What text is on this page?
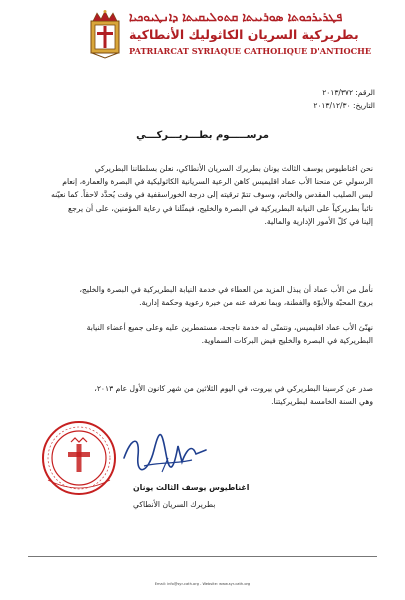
ܦܛܪܝܪܟܘܬܐ ܣܘܪܝܝܬܐ ܩܬܘܠܝܩܝܬܐ ܕܐܢܛܝܘܟܝܐ
بطريركية السريان الكاثوليك الأنطاكية
PATRIARCAT SYRIAQUE CATHOLIQUE D'ANTIOCHE
الرقم: ٢٠١٣/٣٧٢
التاريخ: ٢٠١٣/١٢/٣٠
مرســـــوم بطـــريـــركـــي
نحن اغناطيوس يوسف الثالث يونان بطريرك السريان الأنطاكي، نعلن بسلطاننا البطريركي
الرسولي عن منحنا الأب عماد اقليميس كاهن الرعية السريانية الكاثوليكية في البصرة والعمارة، إنعام
لبس الصليب المقدس والخاتم، وسوف تتمّ ترقيته إلى درجة الخوراسقفية في وقت يُحدَّد لاحقاً. كما نعيّنه
نائباً بطريركياً على النيابة البطريركية في البصرة والخليج، فيمثّلنا في رعاية المؤمنين، على أن يرجع
إلينا في كلّ الأمور الإدارية والمالية.
نأمل من الأب عماد أن يبذل المزيد من العطاء في خدمة النيابة البطريركية في البصرة والخليج،
بروح المحبّة والأبوّة والفطنة، وبما نعرفه عنه من خبرة رعوية وحكمة إدارية.
نهنّئ الأب عماد اقليميس، ونتمنّى له خدمة ناجحة، مستمطرين عليه وعلى جميع أعضاء النيابة
البطريركية في البصرة والخليج فيض البركات السماوية.
صدر عن كرسينا البطريركي في بيروت، في اليوم الثلاثين من شهر كانون الأول عام ٢٠١٣،
وهي السنة الخامسة لبطريركيتنا.
اغناطيوس يوسف الثالث يونان
بطريرك السريان الأنطاكي
Email: info@syr-cath.org - Website: www.syr-cath.org
